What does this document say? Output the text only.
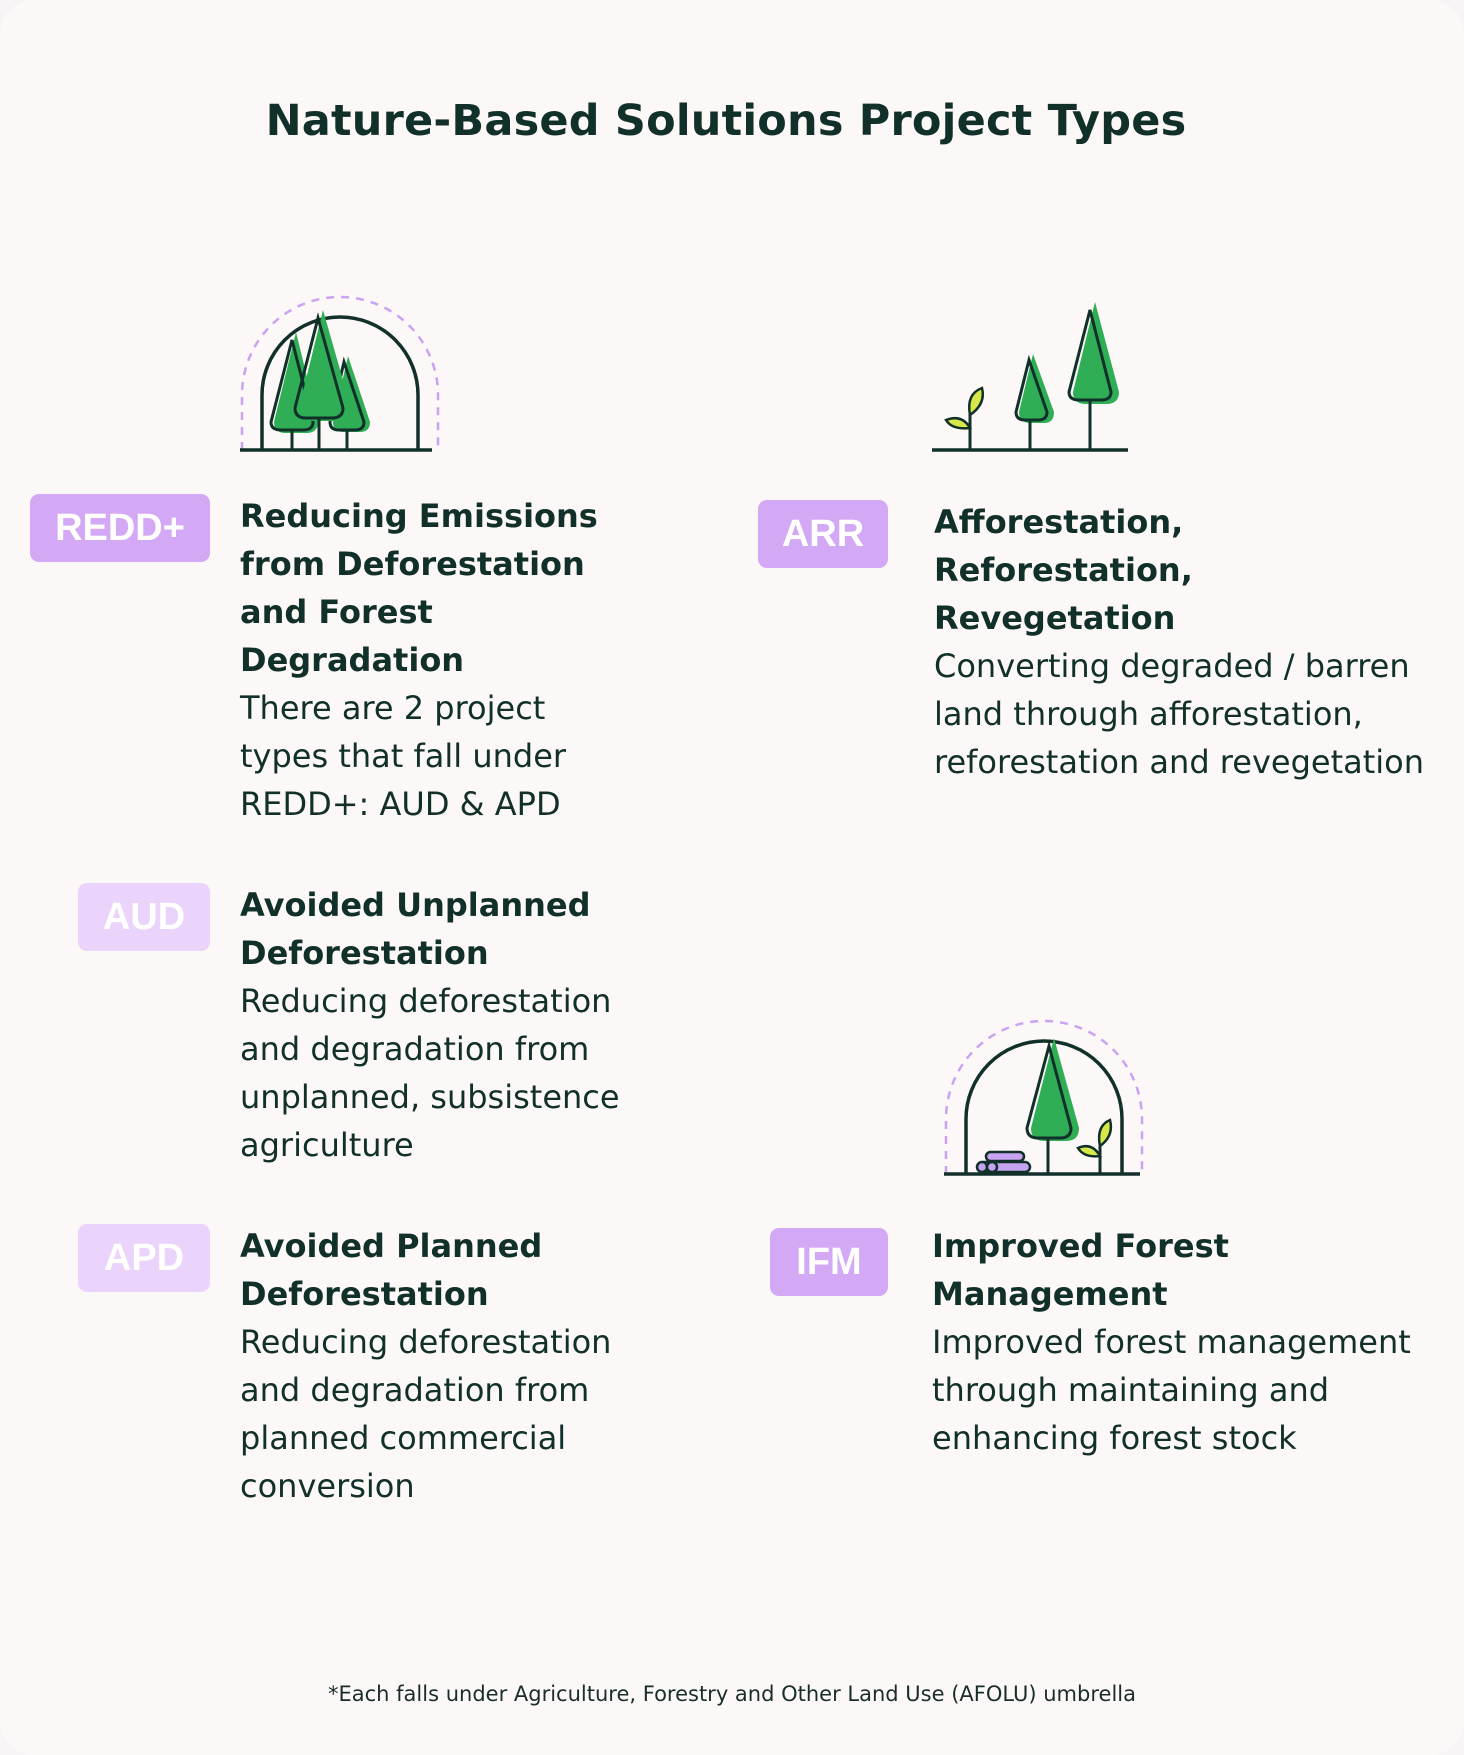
Nature-Based Solutions Project Types
REDD+	Reducing Emissions from Deforestation and Forest Degradation
There are 2 project types that fall under REDD+: AUD & APD
AUD	Avoided Unplanned Deforestation
Reducing deforestation and degradation from unplanned, subsistence agriculture
APD	Avoided Planned Deforestation
Reducing deforestation and degradation from planned commercial conversion
ARR	Afforestation, Reforestation, Revegetation
Converting degraded / barren land through afforestation, reforestation and revegetation
IFM	Improved Forest Management
Improved forest management through maintaining and enhancing forest stock
*Each falls under Agriculture, Forestry and Other Land Use (AFOLU) umbrella
